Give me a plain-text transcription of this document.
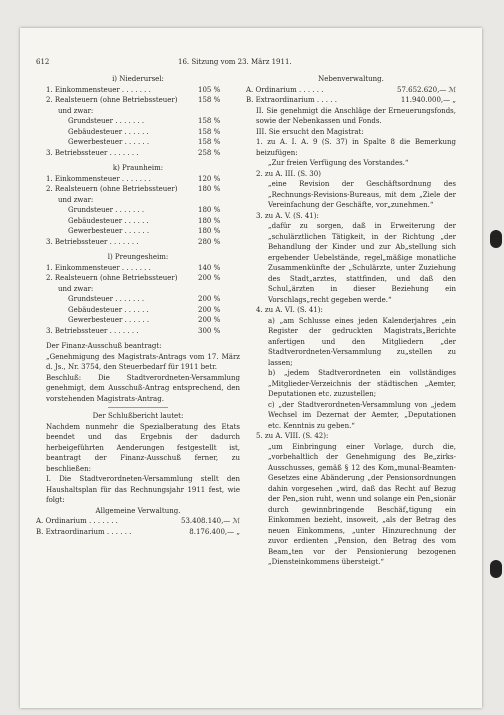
612	16. Sitzung vom 23. März 1911.

i) Niederursel:

1. Einkommensteuer . . . . . . .	105 %
2. Realsteuern (ohne Betriebssteuer)	158 %
und zwar:
Grundsteuer . . . . . . .	158 %
Gebäudesteuer . . . . . .	158 %
Gewerbesteuer . . . . . .	158 %
3. Betriebssteuer . . . . . . .	258 %

k) Praunheim:

1. Einkommensteuer . . . . . . .	120 %
2. Realsteuern (ohne Betriebssteuer)	180 %
und zwar:
Grundsteuer . . . . . . .	180 %
Gebäudesteuer . . . . . .	180 %
Gewerbesteuer . . . . . .	180 %
3. Betriebssteuer . . . . . . .	280 %

l) Preungesheim:

1. Einkommensteuer . . . . . . .	140 %
2. Realsteuern (ohne Betriebssteuer)	200 %
und zwar:
Grundsteuer . . . . . . .	200 %
Gebäudesteuer . . . . . .	200 %
Gewerbesteuer . . . . . .	200 %
3. Betriebssteuer . . . . . . .	300 %

Der Finanz-Ausschuß beantragt:

„Genehmigung des Magistrats-Antrags vom 17. März d. Js., Nr. 3754, den Steuerbedarf für 1911 betr.

Beschluß: Die Stadtverordneten-Versammlung genehmigt, dem Ausschuß-Antrag entsprechend, den vorstehenden Magistrats-Antrag.

Der Schlußbericht lautet:

Nachdem nunmehr die Spezialberatung des Etats beendet und das Ergebnis der dadurch herbeigeführten Aenderungen festgestellt ist, beantragt der Finanz-Ausschuß ferner, zu beschließen:

I. Die Stadtverordneten-Versammlung stellt den Haushaltsplan für das Rechnungsjahr 1911 fest, wie folgt:

Allgemeine Verwaltung.

A. Ordinarium . . . . . . .	53.408.140,— ℳ
B. Extraordinarium . . . . . .	8.176.400,— „

Nebenverwaltung.

A. Ordinarium . . . . . .	57.652.620,— ℳ
B. Extraordinarium . . . . .	11.940.000,— „

II. Sie genehmigt die Anschläge der Erneuerungsfonds, sowie der Nebenkassen und Fonds.

III. Sie ersucht den Magistrat:

1. zu A. I. A. 9 (S. 37) in Spalte 8 die Bemerkung beizufügen:

„Zur freien Verfügung des Vorstandes.“

2. zu A. III. (S. 30)

„eine Revision der Geschäftsordnung des „Rechnungs-Revisions-Bureaus, mit dem „Ziele der Vereinfachung der Geschäfte, vor„zunehmen.“

3. zu A. V. (S. 41):

„dafür zu sorgen, daß in Erweiterung der „schulärztlichen Tätigkeit, in der Richtung „der Behandlung der Kinder und zur Ab„stellung sich ergebender Uebelstände, regel„mäßige monatliche Zusammenkünfte der „Schulärzte, unter Zuziehung des Stadt„arztes, stattfinden, und daß den Schul„ärzten in dieser Beziehung ein Vorschlags„recht gegeben werde.“

4. zu A. VI. (S. 41):

a) „am Schlusse eines jeden Kalenderjahres „ein Register der gedruckten Magistrats„Berichte anfertigen und den Mitgliedern „der Stadtverordneten-Versammlung zu„stellen zu lassen;

b) „jedem Stadtverordneten ein vollständiges „Mitglieder-Verzeichnis der städtischen „Aemter, Deputationen etc. zuzustellen;

c) „der Stadtverordneten-Versammlung von „jedem Wechsel im Dezernat der Aemter, „Deputationen etc. Kenntnis zu geben.“

5. zu A. VIII. (S. 42):

„um Einbringung einer Vorlage, durch die, „vorbehaltlich der Genehmigung des Be„zirks-Ausschusses, gemäß § 12 des Kom„munal-Beamten-Gesetzes eine Abänderung „der Pensionsordnungen dahin vorgesehen „wird, daß das Recht auf Bezug der Pen„sion ruht, wenn und solange ein Pen„sionär durch gewinnbringende Beschäf„tigung ein Einkommen bezieht, insoweit, „als der Betrag des neuen Einkommens, „unter Hinzurechnung der zuvor erdienten „Pension, den Betrag des vom Beam„ten vor der Pensionierung bezogenen „Diensteinkommens übersteigt.“
